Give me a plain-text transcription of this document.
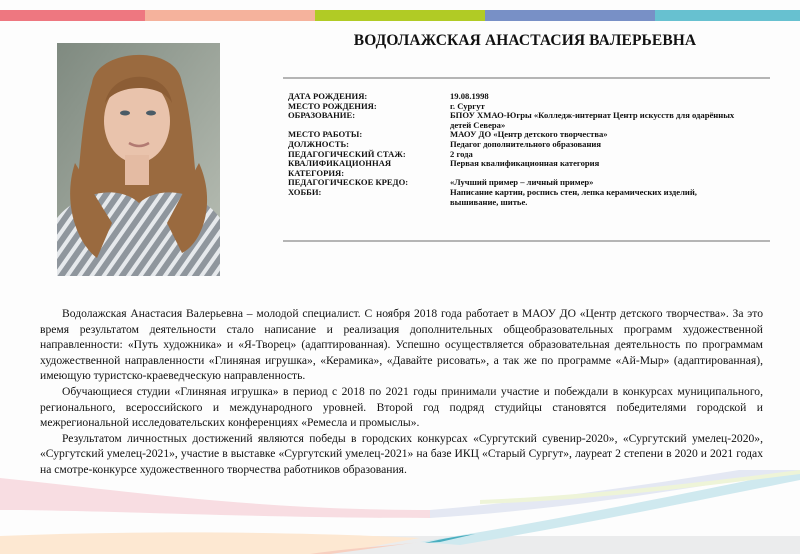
ВОДОЛАЖСКАЯ АНАСТАСИЯ ВАЛЕРЬЕВНА
ДАТА РОЖДЕНИЯ:	19.08.1998
МЕСТО РОЖДЕНИЯ:	г. Сургут
ОБРАЗОВАНИЕ:	БПОУ ХМАО-Югры «Колледж-интернат Центр искусств для одарённых детей Севера»
МЕСТО РАБОТЫ:	МАОУ ДО «Центр детского творчества»
ДОЛЖНОСТЬ:	Педагог дополнительного образования
ПЕДАГОГИЧЕСКИЙ СТАЖ:	2 года
КВАЛИФИКАЦИОННАЯ КАТЕГОРИЯ:
Первая квалификационная категория
ПЕДАГОГИЧЕСКОЕ КРЕДО:	«Лучший пример – личный пример»
ХОББИ:	Написание картин, роспись стен, лепка керамических изделий, вышивание, шитье.

Водолажская Анастасия Валерьевна – молодой специалист. С ноября 2018 года работает в МАОУ ДО «Центр детского творчества». За это время результатом деятельности стало написание и реализация дополнительных общеобразовательных программ художественной направленности: «Путь художника» и «Я-Творец» (адаптированная). Успешно осуществляется образовательная деятельность по программам художественной направленности «Глиняная игрушка», «Керамика», «Давайте рисовать», а так же по программе «Ай-Мыр» (адаптированная), имеющую туристско-краеведческую направленность.

Обучающиеся студии «Глиняная игрушка» в период с 2018 по 2021 годы принимали участие и побеждали в конкурсах муниципального, регионального, всероссийского и международного уровней. Второй год подряд студийцы становятся победителями городской и межрегиональной исследовательских конференциях «Ремесла и промыслы».

Результатом личностных достижений являются победы в городских конкурсах «Сургутский сувенир-2020», «Сургутский умелец-2020», «Сургутский умелец-2021», участие в выставке «Сургутский умелец-2021» на базе ИКЦ «Старый Сургут», лауреат 2 степени в 2020 и 2021 годах на смотре-конкурсе художественного творчества работников образования.
